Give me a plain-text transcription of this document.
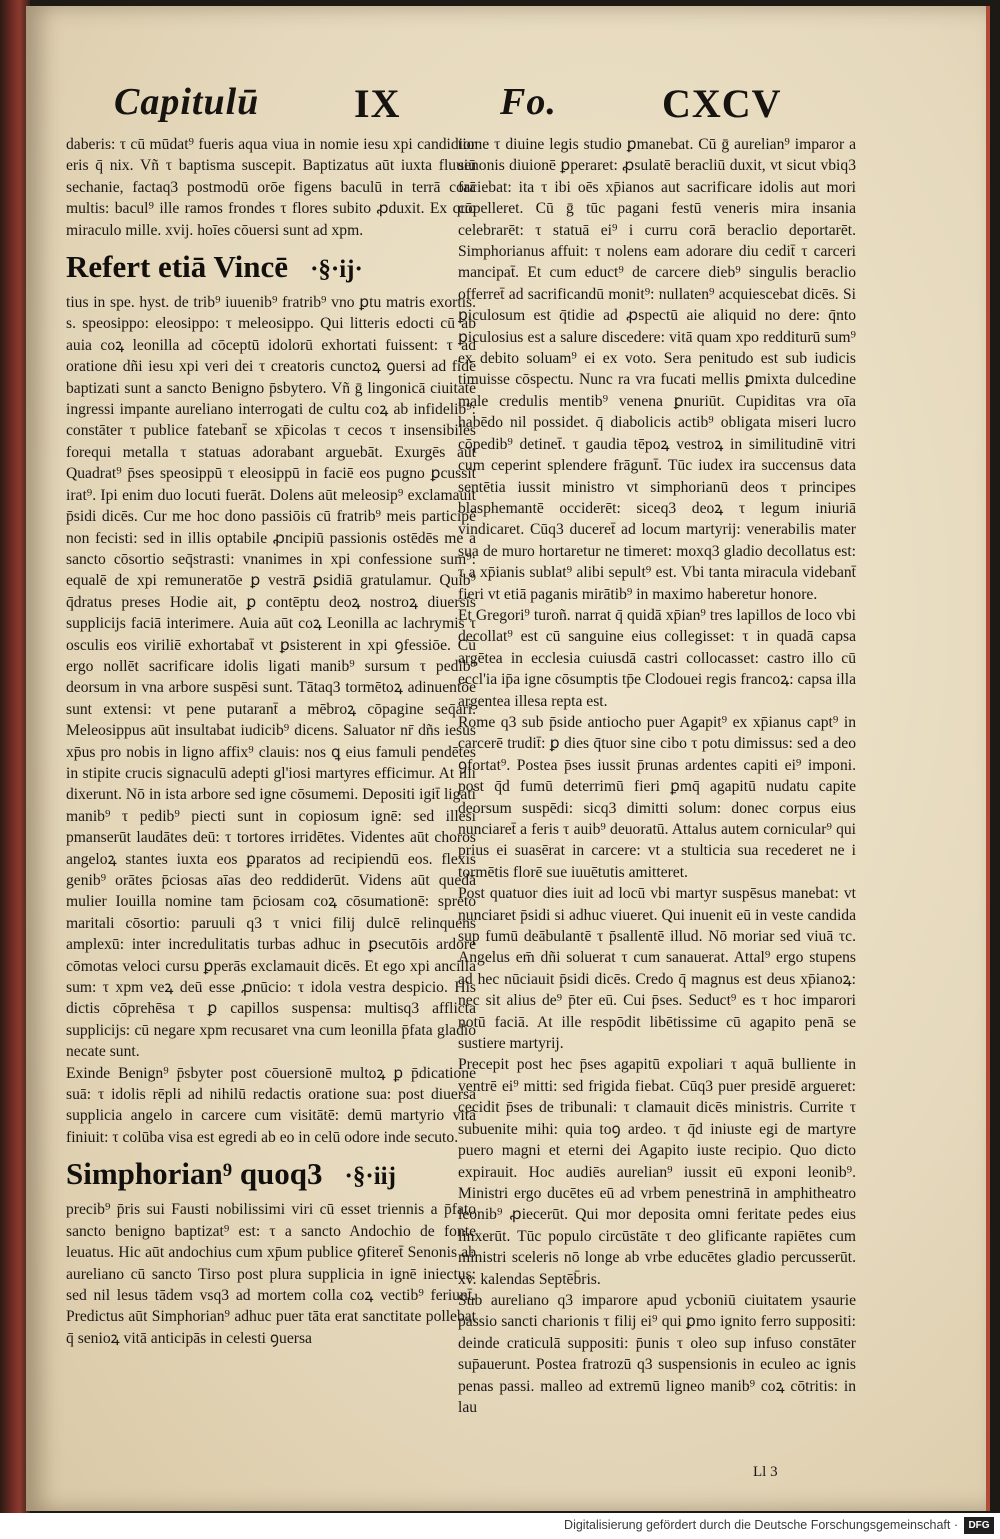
Capitulū IX	Fo.	CXCV

daberis: τ cū mūdat⁹ fueris aqua viua in nomie iesu xpi candidior eris q̄ nix. Vñ τ baptisma suscepit. Baptizatus aūt iuxta fluuiū sechanie, factaq3 postmodū orōe figens baculū in terrā corā multis: bacul⁹ ille ramos frondes τ flores subito ꝓduxit. Ex quo miraculo mille. xvij. hoīes cōuersi sunt ad xpm.

Refert etiā Vincē ·§·ij·

tius in spe. hyst. de trib⁹ iuuenib⁹ fratrib⁹ vno ꝑtu matris exortis. s. speosippo: eleosippo: τ meleosippo. Qui litteris edocti cū ab auia coꝝ leonilla ad cōceptū idolorū exhortati fuissent: τ ad oratione dñi iesu xpi veri dei τ creatoris cunctoꝝ ꝯuersi ad fidē baptizati sunt a sancto Benigno p̄sbytero. Vñ ḡ lingonicā ciuitatē ingressi impante aureliano interrogati de cultu coꝝ ab infidelib⁹: constāter τ publice fatebant̄ se xp̄icolas τ cecos τ insensibiles forequi metalla τ statuas adorabant arguebāt. Exurgēs aūt Quadrat⁹ p̄ses speosippū τ eleosippū in faciē eos pugno ꝑcussit irat⁹. Ipi enim duo locuti fuerāt. Dolens aūt meleosip⁹ exclamauit p̄sidi dicēs. Cur me hoc dono passiōis cū fratrib⁹ meis participē non fecisti: sed in illis optabile ꝓncipiū passionis ostēdēs me a sancto cōsortio seq̄strasti: vnanimes in xpi confessione sum⁹: equalē de xpi remuneratōe ꝑ vestrā ꝑsidiā gratulamur. Quib⁹ q̄dratus preses Hodie ait, ꝑ contēptu deoꝝ nostroꝝ diuersis supplicijs faciā interimere. Auia aūt coꝝ Leonilla ac lachrymis τ osculis eos viriliē exhortabat̄ vt ꝑsisterent in xpi ꝯfessiōe. Cū ergo nollēt sacrificare idolis ligati manib⁹ sursum τ pedib⁹ deorsum in vna arbore suspēsi sunt. Tātaq3 tormētoꝝ adinuentōe sunt extensi: vt pene putarant̄ a mēbroꝝ cōpagine seq̄ari. Meleosippus aūt insultabat iudicib⁹ dicens. Saluator nr̄ dñs iesus xp̄us pro nobis in ligno affix⁹ clauis: nos ꝗ eius famuli pendētes in stipite crucis signaculū adepti gl'iosi martyres efficimur. At illi dixerunt. Nō in ista arbore sed igne cōsumemi. Depositi igit̄ ligati manib⁹ τ pedib⁹ piecti sunt in copiosum ignē: sed illesi pmanserūt laudātes deū: τ tortores irridētes. Videntes aūt choros angeloꝝ stantes iuxta eos ꝑparatos ad recipiendū eos. flexis genib⁹ orātes p̄ciosas aīas deo reddiderūt. Videns aūt quedā mulier Iouilla nomine tam p̄ciosam coꝝ cōsumationē: spreto maritali cōsortio: paruuli q3 τ vnici filij dulcē relinquens amplexū: inter incredulitatis turbas adhuc in ꝑsecutōis ardore cōmotas veloci cursu ꝑperās exclamauit dicēs. Et ego xpi ancilla sum: τ xpm veꝝ deū esse ꝓnūcio: τ idola vestra despicio. His dictis cōprehēsa τ ꝑ capillos suspensa: multisq3 afflicta supplicijs: cū negare xpm recusaret vna cum leonilla p̄fata gladio necate sunt.

Exinde Benign⁹ p̄sbyter post cōuersionē multoꝝ ꝑ p̄dicatione suā: τ idolis rēpli ad nihilū redactis oratione sua: post diuersa supplicia angelo in carcere cum visitātē: demū martyrio vitā finiuit: τ colūba visa est egredi ab eo in celū odore inde secuto.

Simphorian⁹ quoq3 ·§·iij

precib⁹ p̄ris sui Fausti nobilissimi viri cū esset triennis a p̄fato sancto benigno baptizat⁹ est: τ a sancto Andochio de fonte leuatus. Hic aūt andochius cum xp̄um publice ꝯfiteret̄ Senonis ab aureliano cū sancto Tirso post plura supplicia in ignē iniectus: sed nil lesus tādem vsq3 ad mortem colla coꝝ vectib⁹ feriunt̄. Predictus aūt Simphorian⁹ adhuc puer tāta erat sanctitate pollebat q̄ senioꝝ vitā anticipās in celesti ꝯuersa

tione τ diuine legis studio ꝑmanebat. Cū ḡ aurelian⁹ imparor a senonis diuionē ꝑperaret: ꝓsulatē beracliū duxit, vt sicut vbiq3 faciebat: ita τ ibi oēs xp̄ianos aut sacrificare idolis aut mori cōpelleret. Cū ḡ tūc pagani festū veneris mira insania celebrarēt: τ statuā ei⁹ i curru corā beraclio deportarēt. Simphorianus affuit: τ nolens eam adorare diu cedit̄ τ carceri mancipat̄. Et cum educt⁹ de carcere dieb⁹ singulis beraclio offerret̄ ad sacrificandū monit⁹: nullaten⁹ acquiescebat dicēs. Si ꝑiculosum est q̄tidie ad ꝓspectū aie aliquid no dere: q̄nto ꝑiculosius est a salure discedere: vitā quam xpo redditurū sum⁹ ex debito soluam⁹ ei ex voto. Sera penitudo est sub iudicis timuisse cōspectu. Nunc ra vra fucati mellis ꝑmixta dulcedine male credulis mentib⁹ venena ꝑnuriūt. Cupiditas vra oīa habēdo nil possidet. q̄ diabolicis actib⁹ obligata miseri lucro cōpedib⁹ detinet̄. τ gaudia tēpoꝝ vestroꝝ in similitudinē vitri cum ceperint splendere frāgunt̄. Tūc iudex ira succensus data sentētia iussit ministro vt simphorianū deos τ principes blasphemantē occiderēt: siceq3 deoꝝ τ legum iniuriā vindicaret. Cūq3 duceret̄ ad locum martyrij: venerabilis mater sua de muro hortaretur ne timeret: moxq3 gladio decollatus est: τ a xp̄ianis sublat⁹ alibi sepult⁹ est. Vbi tanta miracula videbant̄ fieri vt etiā paganis mirātib⁹ in maximo haberetur honore.

Et Gregori⁹ turoñ. narrat q̄ quidā xp̄ian⁹ tres lapillos de loco vbi decollat⁹ est cū sanguine eius collegisset: τ in quadā capsa argētea in ecclesia cuiusdā castri collocasset: castro illo cū eccl'ia ip̄a igne cōsumptis tp̄e Clodouei regis francoꝝ: capsa illa argentea illesa repta est.

Rome q3 sub p̄side antiocho puer Agapit⁹ ex xp̄ianus capt⁹ in carcerē trudit̄: ꝑ dies q̄tuor sine cibo τ potu dimissus: sed a deo ꝯfortat⁹. Postea p̄ses iussit p̄runas ardentes capiti ei⁹ imponi. post q̄d fumū deterrimū fieri ꝑmq̄ agapitū nudatu capite deorsum suspēdi: sicq3 dimitti solum: donec corpus eius nunciaret̄ a feris τ auib⁹ deuoratū. Attalus autem cornicular⁹ qui prius ei suasērat in carcere: vt a stulticia sua recederet ne i tormētis florē sue iuuētutis amitteret.

Post quatuor dies iuit ad locū vbi martyr suspēsus manebat: vt nunciaret p̄sidi si adhuc viueret. Qui inuenit eū in veste candida sup fumū deābulantē τ p̄sallentē illud. Nō moriar sed viuā τc. Angelus em̄ dñi soluerat τ cum sanauerat. Attal⁹ ergo stupens ad hec nūciauit p̄sidi dicēs. Credo q̄ magnus est deus xp̄ianoꝝ: nec sit alius de⁹ p̄ter eū. Cui p̄ses. Seduct⁹ es τ hoc imparori notū faciā. At ille respōdit libētissime cū agapito penā se sustiere martyrij.

Precepit post hec p̄ses agapitū expoliari τ aquā bulliente in ventrē ei⁹ mitti: sed frigida fiebat. Cūq3 puer presidē argueret: cecidit p̄ses de tribunali: τ clamauit dicēs ministris. Currite τ subuenite mihi: quia toꝯ ardeo. τ q̄d iniuste egi de martyre puero magni et eterni dei Agapito iuste recipio. Quo dicto expirauit. Hoc audiēs aurelian⁹ iussit eū exponi leonib⁹. Ministri ergo ducētes eū ad vrbem penestrinā in amphitheatro leonib⁹ ꝓiecerūt. Qui mor deposita omni feritate pedes eius linxerūt. Tūc populo circūstāte τ deo glificante rapiētes cum ministri sceleris nō longe ab vrbe educētes gladio percusserūt. xv. kalendas Septēb̄ris.

Sub aureliano q3 imparore apud ycboniū ciuitatem ysaurie passio sancti charionis τ filij ei⁹ qui ꝑmo ignito ferro suppositi: deinde craticulā suppositi: p̄unis τ oleo sup infuso constāter sup̄auerunt. Postea fratrozū q3 suspensionis in eculeo ac ignis penas passi. malleo ad extremū ligneo manib⁹ coꝝ cōtritis: in lau

Ll 3
Digitalisierung gefördert durch die Deutsche Forschungsgemeinschaft ·	DFG
